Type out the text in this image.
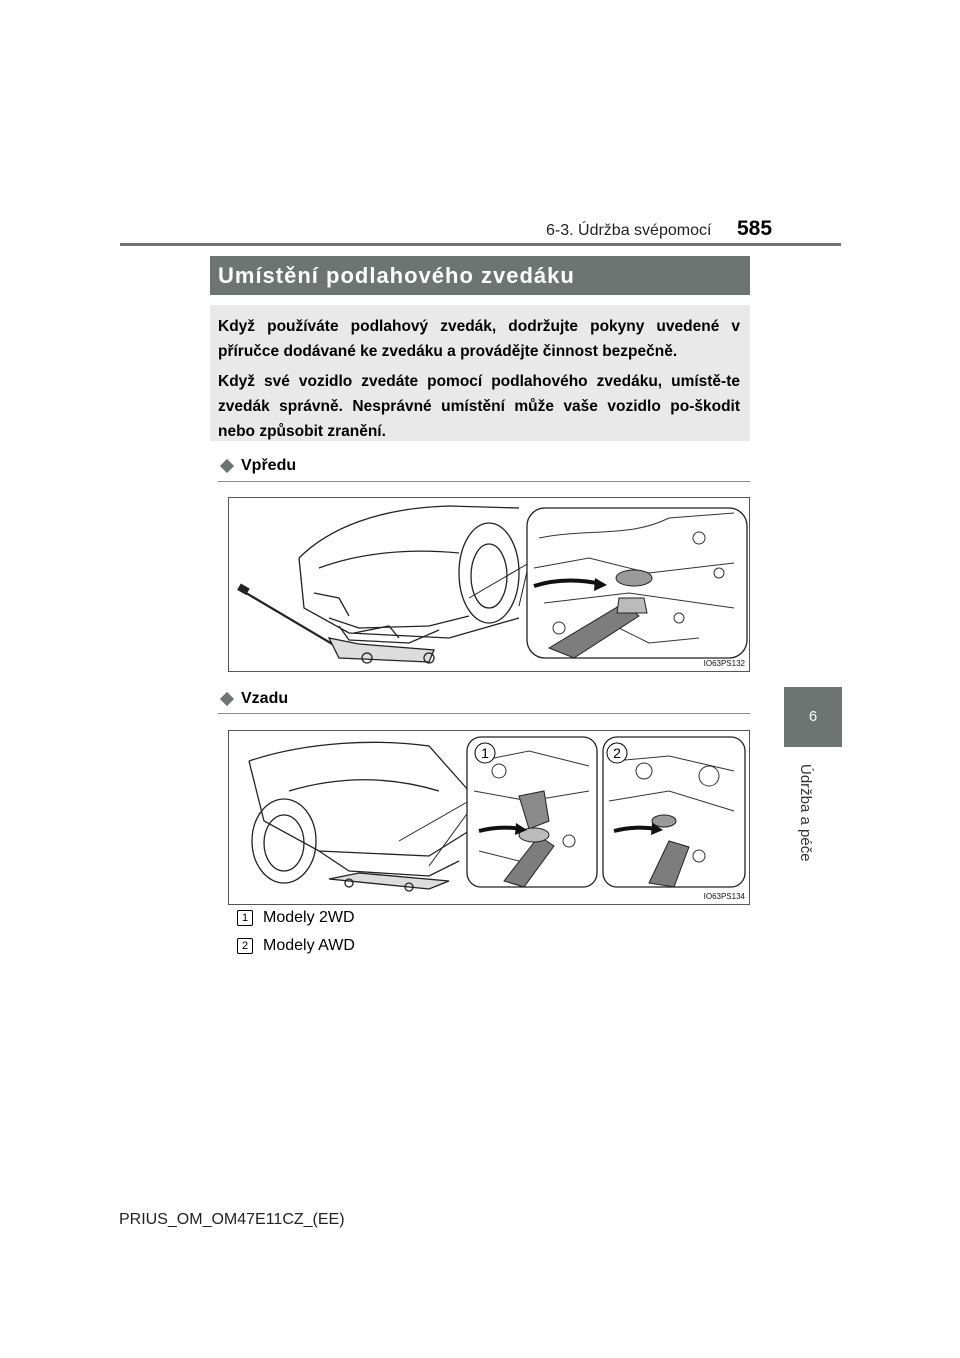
6-3. Údržba svépomocí 585
6
Údržba a péče
Umístění podlahového zvedáku

Když používáte podlahový zvedák, dodržujte pokyny uvedené v příručce dodávané ke zvedáku a provádějte činnost bezpečně.

Když své vozidlo zvedáte pomocí podlahového zvedáku, umístě-te zvedák správně. Nesprávné umístění může vaše vozidlo po-škodit nebo způsobit zranění.

Vpředu
IO63PS132
Vzadu
1	2
IO63PS134
1 Modely 2WD
2 Modely AWD
PRIUS_OM_OM47E11CZ_(EE)
